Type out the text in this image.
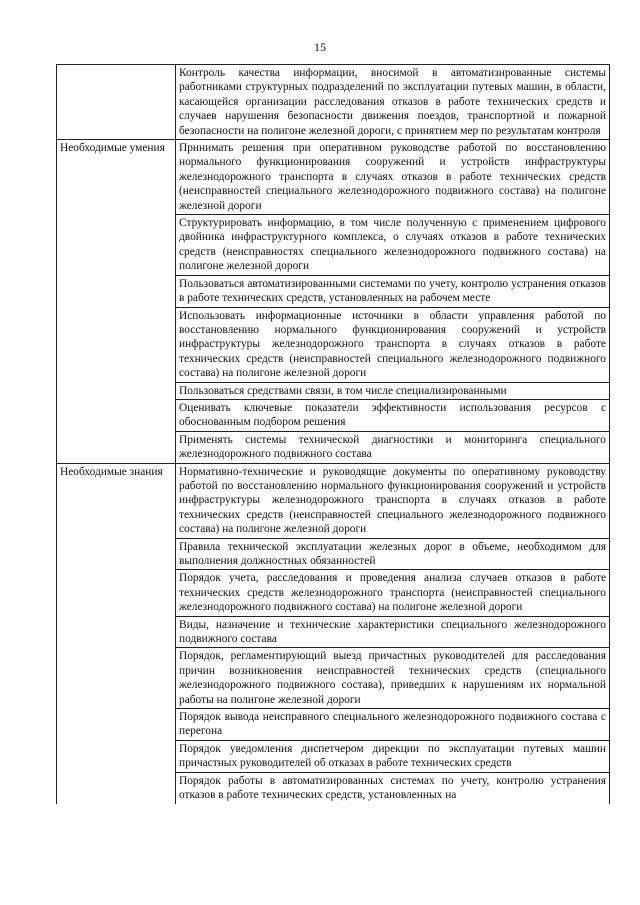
15
	Контроль качества информации, вносимой в автоматизированные системы работниками структурных подразделений по эксплуатации путевых машин, в области, касающейся организации расследования отказов в работе технических средств и случаев нарушения безопасности движения поездов, транспортной и пожарной безопасности на полигоне железной дороги, с принятием мер по результатам контроля
Необходимые умения	Принимать решения при оперативном руководстве работой по восстановлению нормального функционирования сооружений и устройств инфраструктуры железнодорожного транспорта в случаях отказов в работе технических средств (неисправностей специального железнодорожного подвижного состава) на полигоне железной дороги
	Структурировать информацию, в том числе полученную с применением цифрового двойника инфраструктурного комплекса, о случаях отказов в работе технических средств (неисправностях специального железнодорожного подвижного состава) на полигоне железной дороги
	Пользоваться автоматизированными системами по учету, контролю устранения отказов в работе технических средств, установленных на рабочем месте
	Использовать информационные источники в области управления работой по восстановлению нормального функционирования сооружений и устройств инфраструктуры железнодорожного транспорта в случаях отказов в работе технических средств (неисправностей специального железнодорожного подвижного состава) на полигоне железной дороги
	Пользоваться средствами связи, в том числе специализированными
	Оценивать ключевые показатели эффективности использования ресурсов с обоснованным подбором решения
	Применять системы технической диагностики и мониторинга специального железнодорожного подвижного состава
Необходимые знания	Нормативно-технические и руководящие документы по оперативному руководству работой по восстановлению нормального функционирования сооружений и устройств инфраструктуры железнодорожного транспорта в случаях отказов в работе технических средств (неисправностей специального железнодорожного подвижного состава) на полигоне железной дороги
	Правила технической эксплуатации железных дорог в объеме, необходимом для выполнения должностных обязанностей
	Порядок учета, расследования и проведения анализа случаев отказов в работе технических средств железнодорожного транспорта (неисправностей специального железнодорожного подвижного состава) на полигоне железной дороги
	Виды, назначение и технические характеристики специального железнодорожного подвижного состава
	Порядок, регламентирующий выезд причастных руководителей для расследования причин возникновения неисправностей технических средств (специального железнодорожного подвижного состава), приведших к нарушениям их нормальной работы на полигоне железной дороги
	Порядок вывода неисправного специального железнодорожного подвижного состава с перегона
	Порядок уведомления диспетчером дирекции по эксплуатации путевых машин причастных руководителей об отказах в работе технических средств
	Порядок работы в автоматизированных системах по учету, контролю устранения отказов в работе технических средств, установленных на
